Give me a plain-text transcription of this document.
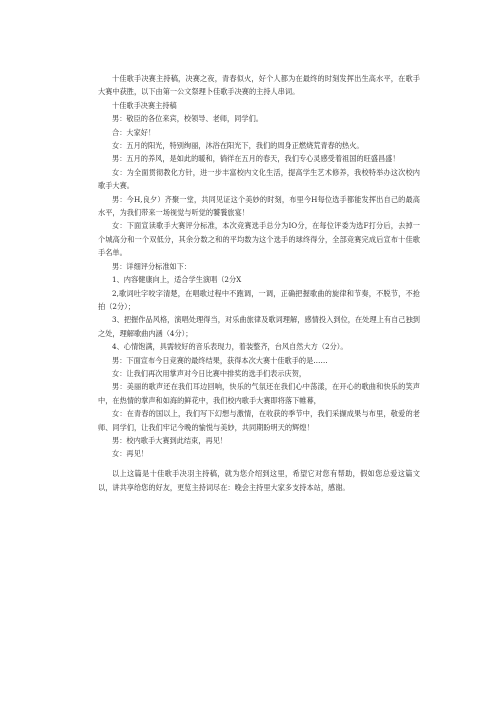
十佳歌手决赛主持稿，决赛之夜，青春似火，好个人都为在最终的时刻发挥出生高水平，在歌手大赛中获胜，以下由第一公文祭理卜佳歌手决赛的主持人串词。

十佳歌手决赛主持稿

男：敬臣的各位来宾，校领导、老师，同学们。

合：大家好！

女：五月的阳光，特别绚丽，沐浴在阳光下，我们的周身正燃烧荒青春的热火。

男：五月的养风，是如此的暖和，徜徉在五月的春天，我们专心灵感受着祖国的旺盛昌盛！

女：为全面贯彻教化方针，进一步丰富校内文化生活，提高学生艺术修养，我校特举办这次校内歌手大赛。

男：今H,良夕）齐聚一堂，共同见证这个美妙的时刻，布里今H每位选手都能发挥出自己的最高水平，为我们带来一场视觉与听觉的饕餮旅宴！

女：下面宣读歌手大赛评分标准，本次竞赛选手总分为IO分，在每位评委为选F打分后，去掉一个城高分和一个双低分，其余分数之和的平均数为这个选手的球终得分，全部竞赛完成后宣布十佳歌手名单。

男：详细评分标准如下：

1、内容健康向上，适合学生演唱（2分X

2,歌词吐字咬字清楚，在唱歌过程中不跑调，一调，正确把握歌曲的旋律和节奏，不脱节，不抢拍（2分）；

3、把握作品风格，演唱处理得当，对乐曲旅律及歌词理解，感情投入到位，在处理上有自己独到之处，理解歌曲内涵（4分）；

4、心情饱满，具需较好的音乐表现力，着装整齐，台风自然大方（2分）。

男：下面宣布今日竞赛的最终结果，获得本次大赛十佳歌手的是……

女：让我们再次用掌声对今日比赛中排奖的选手们表示庆贺，

男：美丽的歌声还在我们耳边回响，快乐的气氛还在我们心中荡漾，在开心的歌曲和快乐的笑声中，在热情的掌声和如海的鲜花中，我们校内歌手大赛即将落下帷幕，

女：在青春的国以上，我们写下幻想与激情，在收获的季节中，我们采撷成果与布里，敬爱的老师、同学们，让我们牢记今晚的愉悦与美妙，共同期盼明天的辉煌！

男：校内歌手大赛到此结束，再见！

女：再见！

以上这篇是十佳歌手决羽主持稿，就为您介绍到这里，希望它对您有帮助，假如您总爱这篇文以，讲共享给您的好友，更览主持词尽在：晚会主持里大家多支持本站，感谢。
